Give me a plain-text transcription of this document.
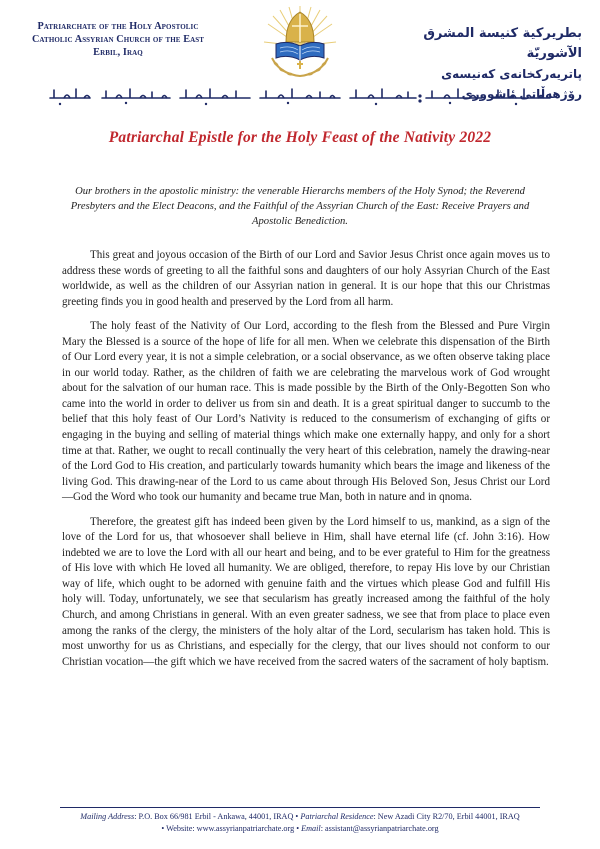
Patriarchate of the Holy Apostolic
Catholic Assyrian Church of the East
Erbil, Iraq
بطريركية كنيسة المشرق الآشوريّة
پاتریەرکخانەی کەنیسەی رۆژھەڵاتی ئاشووری
Patriarchal Epistle for the Holy Feast of the Nativity 2022
Our brothers in the apostolic ministry: the venerable Hierarchs members of the Holy Synod; the Reverend Presbyters and the Elect Deacons, and the Faithful of the Assyrian Church of the East: Receive Prayers and Apostolic Benediction.

This great and joyous occasion of the Birth of our Lord and Savior Jesus Christ once again moves us to address these words of greeting to all the faithful sons and daughters of our holy Assyrian Church of the East worldwide, as well as the children of our Assyrian nation in general. It is our hope that this our Christmas greeting finds you in good health and preserved by the Lord from all harm.

The holy feast of the Nativity of Our Lord, according to the flesh from the Blessed and Pure Virgin Mary the Blessed is a source of the hope of life for all men. When we celebrate this dispensation of the Birth of Our Lord every year, it is not a simple celebration, or a social observance, as we often observe taking place in our world today. Rather, as the children of faith we are celebrating the marvelous work of God wrought about for the salvation of our human race. This is made possible by the Birth of the Only-Begotten Son who came into the world in order to deliver us from sin and death. It is a great spiritual danger to succumb to the belief that this holy feast of Our Lord’s Nativity is reduced to the consumerism of exchanging of gifts or engaging in the buying and selling of material things which make one externally happy, and only for a short time at that. Rather, we ought to recall continually the very heart of this celebration, namely the drawing-near of the Lord God to His creation, and particularly towards humanity which bears the image and likeness of the living God. This drawing-near of the Lord to us came about through His Beloved Son, Jesus Christ our Lord—God the Word who took our humanity and became true Man, both in nature and in qnoma.

Therefore, the greatest gift has indeed been given by the Lord himself to us, mankind, as a sign of the love of the Lord for us, that whosoever shall believe in Him, shall have eternal life (cf. John 3:16). How indebted we are to love the Lord with all our heart and being, and to be ever grateful to Him for the greatness of His love with which He loved all humanity. We are obliged, therefore, to repay His love by our Christian way of life, which ought to be adorned with genuine faith and the virtues which please God and fulfill His holy will. Today, unfortunately, we see that secularism has greatly increased among the faithful of the holy Church, and among Christians in general. With an even greater sadness, we see that from place to place even among the ranks of the clergy, the ministers of the holy altar of the Lord, secularism has taken hold. This is most unworthy for us as Christians, and especially for the clergy, that our lives should not conform to our Christian vocation—the gift which we have received from the sacred waters of the sacrament of holy baptism.

Mailing Address: P.O. Box 66/981 Erbil - Ankawa, 44001, IRAQ • Patriarchal Residence: New Azadi City R2/70, Erbil 44001, IRAQ
• Website: www.assyrianpatriarchate.org • Email: assistant@assyrianpatriarchate.org
